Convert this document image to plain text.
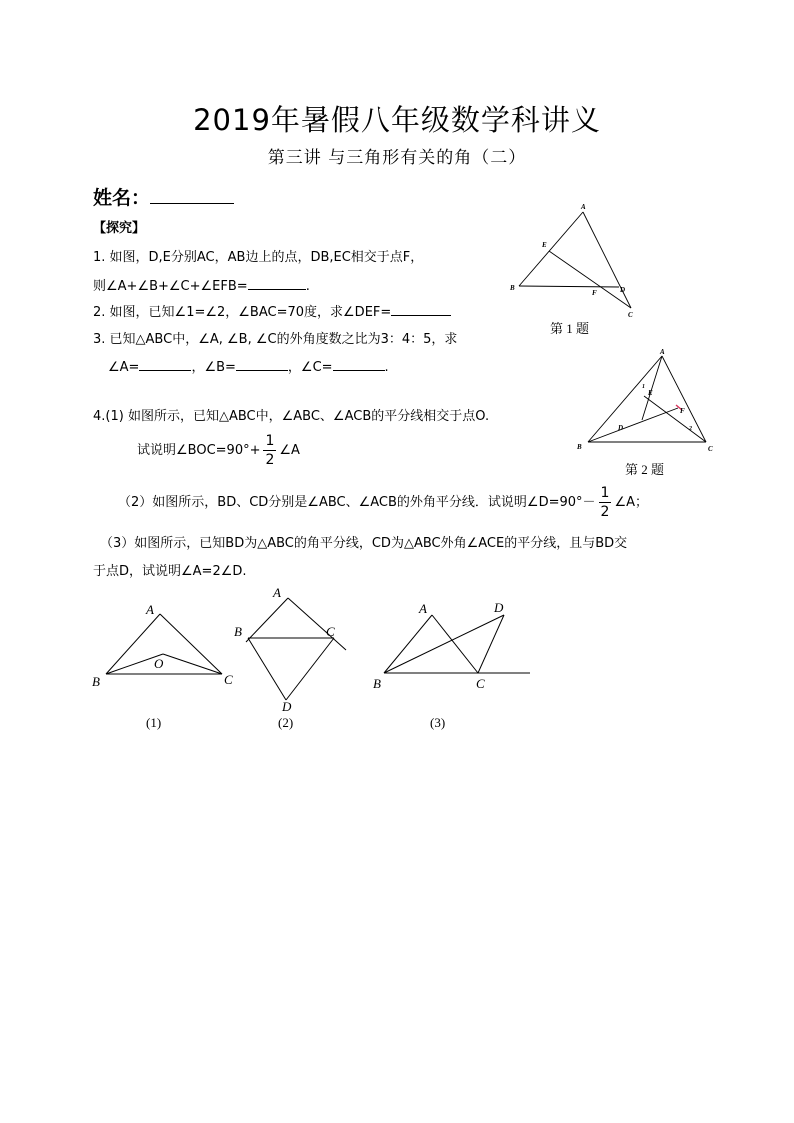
2019年暑假八年级数学科讲义
第三讲 与三角形有关的角（二）
姓名：
【探究】
1. 如图，D,E分别AC，AB边上的点，DB,EC相交于点F，
则∠A+∠B+∠C+∠EFB=	.
2. 如图，已知∠1=∠2，∠BAC=70度，求∠DEF=
3. 已知△ABC中，∠A, ∠B, ∠C的外角度数之比为3：4：5，求
∠A=	，∠B=	，∠C=	.
4.(1) 如图所示，已知△ABC中，∠ABC、∠ACB的平分线相交于点O.
试说明∠BOC=90°+ $\frac{1}{2}$ ∠A
（2）如图所示，BD、CD分别是∠ABC、∠ACB的外角平分线．试说明∠D=90°－ $\frac{1}{2}$ ∠A；
（3）如图所示，已知BD为△ABC的角平分线，CD为△ABC外角∠ACE的平分线，且与BD交
于点D，试说明∠A=2∠D.
A
B
C
D
E
F
第 1 题
A
B	C
D
E
F
1
2
第 2 题
A
B	C
O
(1)
A
B	C
D
(2)
A
B	C
D
(3)
